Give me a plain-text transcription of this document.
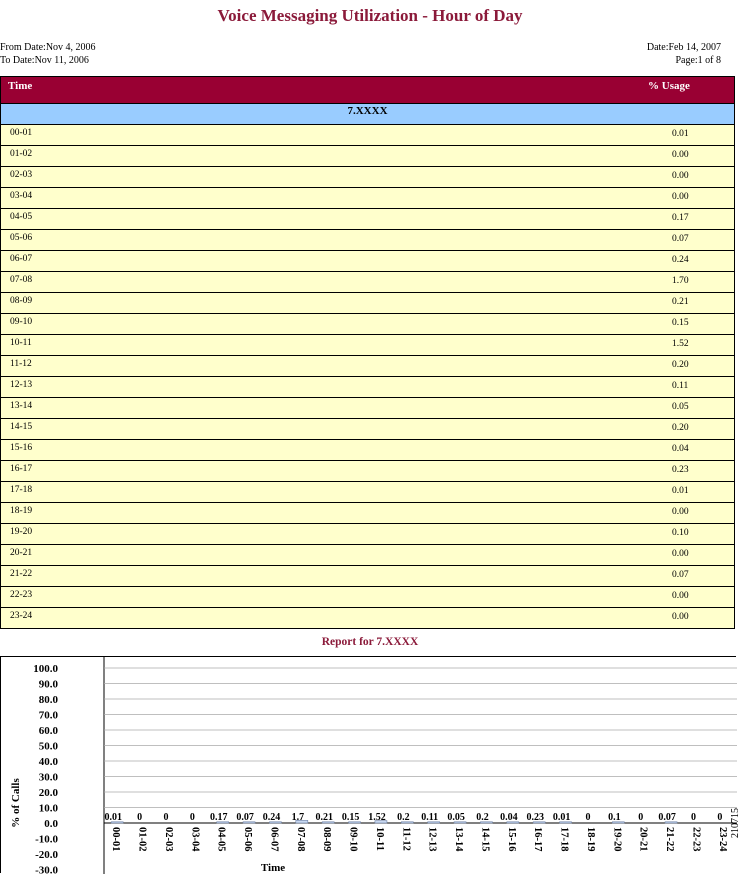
Voice Messaging Utilization - Hour of Day
From Date:Nov 4, 2006
To Date:Nov 11, 2006
Date:Feb 14, 2007
Page:1 of 8
Time	% Usage
7.XXXX
00-01	0.01
01-02	0.00
02-03	0.00
03-04	0.00
04-05	0.17
05-06	0.07
06-07	0.24
07-08	1.70
08-09	0.21
09-10	0.15
10-11	1.52
11-12	0.20
12-13	0.11
13-14	0.05
14-15	0.20
15-16	0.04
16-17	0.23
17-18	0.01
18-19	0.00
19-20	0.10
20-21	0.00
21-22	0.07
22-23	0.00
23-24	0.00
Report for 7.XXXX
100.0
90.0
80.0
70.0
60.0
50.0
40.0
30.0
20.0
10.0
0.0
-10.0
-20.0
-30.0
0.01
00-01
0
01-02
0
02-03
0
03-04
0.17
04-05
0.07
05-06
0.24
06-07
1.7
07-08
0.21
08-09
0.15
09-10
1.52
10-11
0.2
11-12
0.11
12-13
0.05
13-14
0.2
14-15
0.04
15-16
0.23
16-17
0.01
17-18
0
18-19
0.1
19-20
0
20-21
0.07
21-22
0
22-23
0
23-24
Time
% of Calls	210715
